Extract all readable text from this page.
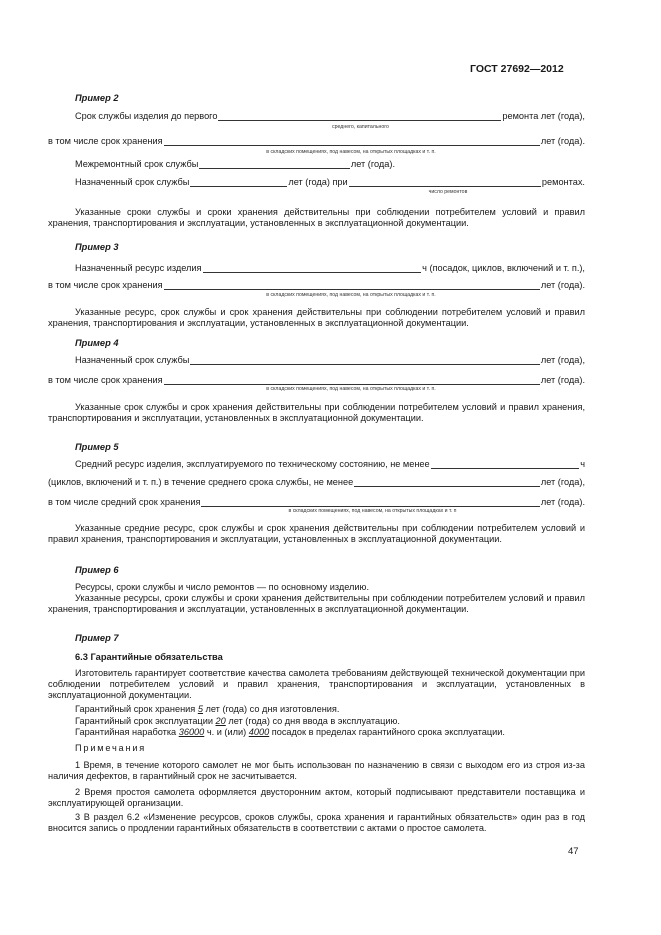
ГОСТ 27692—2012
Пример 2
Срок службы изделия до первого	ремонта лет (года),
среднего, капитального
в том числе срок хранения	лет (года).
в складских помещениях, под навесом, на открытых площадках и т. п.
Межремонтный срок службы	лет (года).
Назначенный срок службы	лет (года) при	ремонтах.
число ремонтов
Указанные сроки службы и сроки хранения действительны при соблюдении потребителем условий и правил хранения, транспортирования и эксплуатации, установленных в эксплуатационной документации.
Пример 3
Назначенный ресурс изделия	ч (посадок, циклов, включений и т. п.),
в том числе срок хранения	лет (года).
в складских помещениях, под навесом, на открытых площадках и т. п.
Указанные ресурс, срок службы и срок хранения действительны при соблюдении потребителем условий и правил хранения, транспортирования и эксплуатации, установленных в эксплуатационной документации.
Пример 4
Назначенный срок службы	лет (года),
в том числе срок хранения	лет (года).
в складских помещениях, под навесом, на открытых площадках и т. п.
Указанные срок службы и срок хранения действительны при соблюдении потребителем условий и правил хранения, транспортирования и эксплуатации, установленных в эксплуатационной документации.
Пример 5
Средний ресурс изделия, эксплуатируемого по техническому состоянию, не менее	ч
(циклов, включений и т. п.) в течение среднего срока службы, не менее	лет (года),
в том числе средний срок хранения	лет (года).
в складских помещениях, под навесом, на открытых площадках и т. п
Указанные средние ресурс, срок службы и срок хранения действительны при соблюдении потребителем условий и правил хранения, транспортирования и эксплуатации, установленных в эксплуатационной документации.
Пример 6
Ресурсы, сроки службы и число ремонтов — по основному изделию.
Указанные ресурсы, сроки службы и сроки хранения действительны при соблюдении потребителем условий и правил хранения, транспортирования и эксплуатации, установленных в эксплуатационной документации.
Пример 7
6.3 Гарантийные обязательства
Изготовитель гарантирует соответствие качества самолета требованиям действующей технической документации при соблюдении потребителем условий и правил хранения, транспортирования и эксплуатации, установленных в эксплуатационной документации.
Гарантийный срок хранения 5 лет (года) со дня изготовления.
Гарантийный срок эксплуатации 20 лет (года) со дня ввода в эксплуатацию.
Гарантийная наработка 36000 ч. и (или) 4000 посадок в пределах гарантийного срока эксплуатации.
Примечания
1 Время, в течение которого самолет не мог быть использован по назначению в связи с выходом его из строя из-за наличия дефектов, в гарантийный срок не засчитывается.
2 Время простоя самолета оформляется двусторонним актом, который подписывают представители поставщика и эксплуатирующей организации.
3 В раздел 6.2 «Изменение ресурсов, сроков службы, срока хранения и гарантийных обязательств» один раз в год вносится запись о продлении гарантийных обязательств в соответствии с актами о простое самолета.
47
